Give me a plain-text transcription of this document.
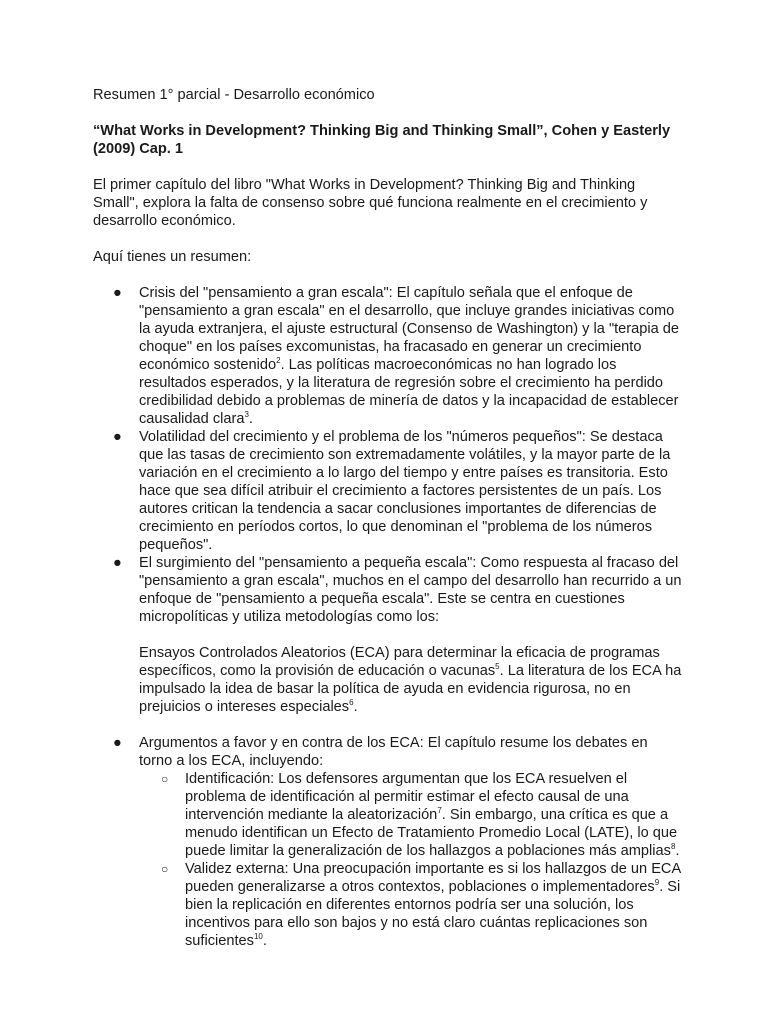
Resumen 1° parcial - Desarrollo económico

“What Works in Development? Thinking Big and Thinking Small”, Cohen y Easterly (2009) Cap. 1

El primer capítulo del libro "What Works in Development? Thinking Big and Thinking Small", explora la falta de consenso sobre qué funciona realmente en el crecimiento y desarrollo económico.

Aquí tienes un resumen:

● Crisis del "pensamiento a gran escala": El capítulo señala que el enfoque de "pensamiento a gran escala" en el desarrollo, que incluye grandes iniciativas como la ayuda extranjera, el ajuste estructural (Consenso de Washington) y la "terapia de choque" en los países excomunistas, ha fracasado en generar un crecimiento económico sostenido$^2$. Las políticas macroeconómicas no han logrado los resultados esperados, y la literatura de regresión sobre el crecimiento ha perdido credibilidad debido a problemas de minería de datos y la incapacidad de establecer causalidad clara$^3$.
● Volatilidad del crecimiento y el problema de los "números pequeños": Se destaca que las tasas de crecimiento son extremadamente volátiles, y la mayor parte de la variación en el crecimiento a lo largo del tiempo y entre países es transitoria. Esto hace que sea difícil atribuir el crecimiento a factores persistentes de un país. Los autores critican la tendencia a sacar conclusiones importantes de diferencias de crecimiento en períodos cortos, lo que denominan el "problema de los números pequeños".
● El surgimiento del "pensamiento a pequeña escala": Como respuesta al fracaso del "pensamiento a gran escala", muchos en el campo del desarrollo han recurrido a un enfoque de "pensamiento a pequeña escala". Este se centra en cuestiones micropolíticas y utiliza metodologías como los:

Ensayos Controlados Aleatorios (ECA) para determinar la eficacia de programas específicos, como la provisión de educación o vacunas$^5$. La literatura de los ECA ha impulsado la idea de basar la política de ayuda en evidencia rigurosa, no en prejuicios o intereses especiales$^6$.

● Argumentos a favor y en contra de los ECA: El capítulo resume los debates en torno a los ECA, incluyendo:
○ Identificación: Los defensores argumentan que los ECA resuelven el problema de identificación al permitir estimar el efecto causal de una intervención mediante la aleatorización$^7$. Sin embargo, una crítica es que a menudo identifican un Efecto de Tratamiento Promedio Local (LATE), lo que puede limitar la generalización de los hallazgos a poblaciones más amplias$^8$.
○ Validez externa: Una preocupación importante es si los hallazgos de un ECA pueden generalizarse a otros contextos, poblaciones o implementadores$^9$. Si bien la replicación en diferentes entornos podría ser una solución, los incentivos para ello son bajos y no está claro cuántas replicaciones son suficientes$^{10}$.
